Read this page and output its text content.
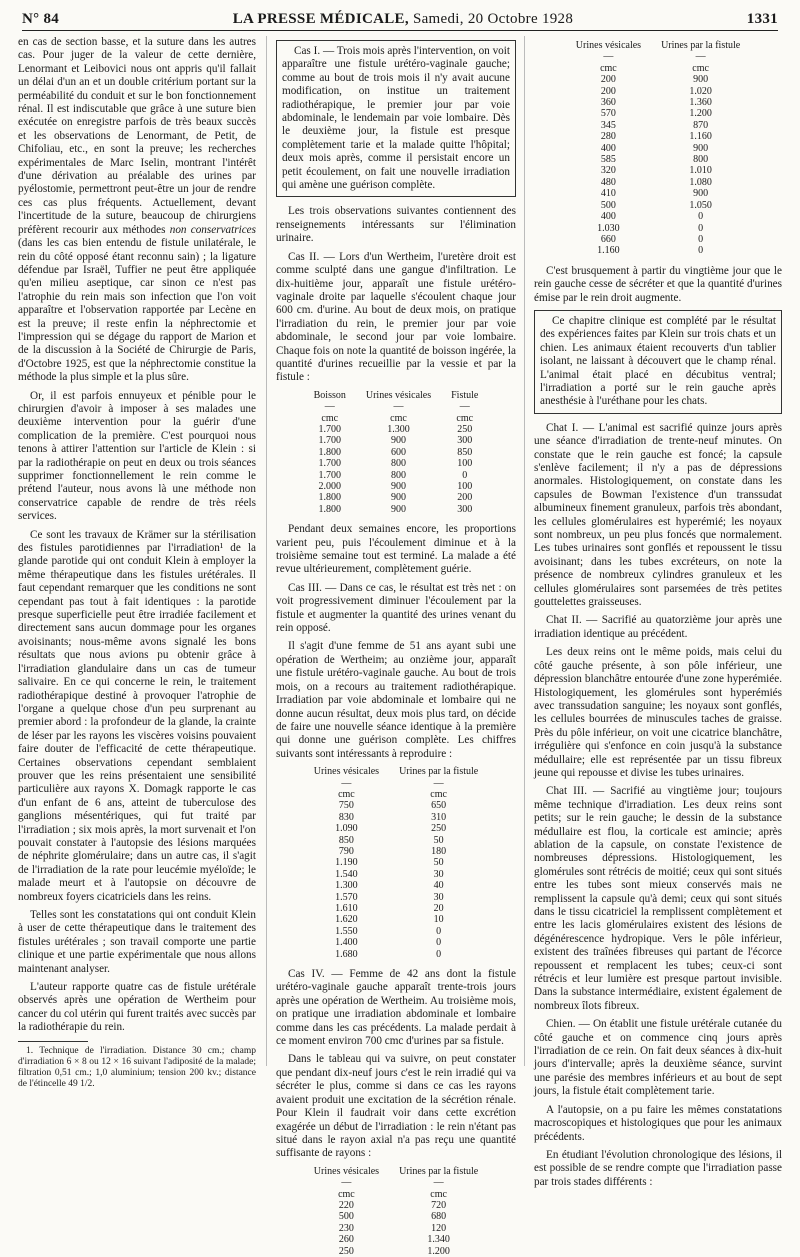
N° 84	LA PRESSE MÉDICALE, Samedi, 20 Octobre 1928	1331

en cas de section basse, et la suture dans les autres cas. Pour juger de la valeur de cette dernière, Lenormant et Leibovici nous ont appris qu'il fallait un délai d'un an et un double critérium portant sur la perméabilité du conduit et sur le bon fonctionnement rénal. Il est indiscutable que grâce à une suture bien exécutée on enregistre parfois de très beaux succès et les observations de Lenormant, de Petit, de Chifoliau, etc., en sont la preuve; les recherches expérimentales de Marc Iselin, montrant l'intérêt d'une dérivation au préalable des urines par pyélostomie, permettront peut-être un jour de rendre ces cas plus fréquents. Actuellement, devant l'incertitude de la suture, beaucoup de chirurgiens préfèrent recourir aux méthodes non conservatrices (dans les cas bien entendu de fistule unilatérale, le rein du côté opposé étant reconnu sain) ; la ligature défendue par Israël, Tuffier ne peut être appliquée qu'en milieu aseptique, car sinon ce n'est pas l'atrophie du rein mais son infection que l'on voit apparaître et l'observation rapportée par Lecène en est la preuve; il reste enfin la néphrectomie et l'impression qui se dégage du rapport de Marion et de la discussion à la Société de Chirurgie de Paris, d'Octobre 1925, est que la néphrectomie constitue la méthode la plus simple et la plus sûre.

Or, il est parfois ennuyeux et pénible pour le chirurgien d'avoir à imposer à ses malades une deuxième intervention pour la guérir d'une complication de la première. C'est pourquoi nous tenons à attirer l'attention sur l'article de Klein : si par la radiothérapie on peut en deux ou trois séances supprimer fonctionnellement le rein comme le prétend l'auteur, nous avons là une méthode non conservatrice capable de rendre de très réels services.

Ce sont les travaux de Krämer sur la stérilisation des fistules parotidiennes par l'irradiation¹ de la glande parotide qui ont conduit Klein à employer la même thérapeutique dans les fistules urétérales. Il faut cependant remarquer que les conditions ne sont cependant pas tout à fait identiques : la parotide presque superficielle peut être irradiée facilement et directement sans aucun dommage pour les organes avoisinants; nous-même avons signalé les bons résultats que nous avions pu obtenir grâce à l'irradiation glandulaire dans un cas de tumeur salivaire. En ce qui concerne le rein, le traitement radiothérapique destiné à provoquer l'atrophie de l'organe a quelque chose d'un peu surprenant au premier abord : la profondeur de la glande, la crainte de léser par les rayons les viscères voisins pouvaient faire douter de l'efficacité de cette thérapeutique. Certaines observations cependant semblaient prouver que les reins présentaient une sensibilité particulière aux rayons X. Domagk rapporte le cas d'un enfant de 6 ans, atteint de tuberculose des ganglions mésentériques, qui fut traité par l'irradiation ; six mois après, la mort survenait et l'on pouvait constater à l'autopsie des lésions marquées de néphrite glomérulaire; dans un autre cas, il s'agit de l'irradiation de la rate pour leucémie myéloïde; le malade meurt et à l'autopsie on découvre de nombreux foyers cicatriciels dans les reins.

Telles sont les constatations qui ont conduit Klein à user de cette thérapeutique dans le traitement des fistules urétérales ; son travail comporte une partie clinique et une partie expérimentale que nous allons maintenant analyser.

L'auteur rapporte quatre cas de fistule urétérale observés après une opération de Wertheim pour cancer du col utérin qui furent traités avec succès par la radiothérapie du rein.

1. Technique de l'irradiation. Distance 30 cm.; champ d'irradiation 6 × 8 ou 12 × 16 suivant l'adiposité de la malade; filtration 0,51 cm.; 1,0 aluminium; tension 200 kv.; distance de l'étincelle 49 1/2.

Cas I. — Trois mois après l'intervention, on voit apparaître une fistule urétéro-vaginale gauche; comme au bout de trois mois il n'y avait aucune modification, on institue un traitement radiothérapique, le premier jour par voie abdominale, le lendemain par voie lombaire. Dès le deuxième jour, la fistule est presque complètement tarie et la malade quitte l'hôpital; deux mois après, comme il persistait encore un petit écoulement, on fait une nouvelle irradiation qui amène une guérison complète.

Les trois observations suivantes contiennent des renseignements intéressants sur l'élimination urinaire.

Cas II. — Lors d'un Wertheim, l'uretère droit est comme sculpté dans une gangue d'infiltration. Le dix-huitième jour, apparaît une fistule urétéro-vaginale droite par laquelle s'écoulent chaque jour 600 cm. d'urine. Au bout de deux mois, on pratique l'irradiation du rein, le premier jour par voie abdominale, le second jour par voie lombaire. Chaque fois on note la quantité de boisson ingérée, la quantité d'urines recueillie par la vessie et par la fistule :

Boisson	Urines vésicales	Fistule
—	—	—
cmc	cmc	cmc
1.700	1.300	250
1.700	900	300
1.800	600	850
1.700	800	100
1.700	800	0
2.000	900	100
1.800	900	200
1.800	900	300

Pendant deux semaines encore, les proportions varient peu, puis l'écoulement diminue et à la troisième semaine tout est terminé. La malade a été revue ultérieurement, complètement guérie.

Cas III. — Dans ce cas, le résultat est très net : on voit progressivement diminuer l'écoulement par la fistule et augmenter la quantité des urines venant du rein opposé.

Il s'agit d'une femme de 51 ans ayant subi une opération de Wertheim; au onzième jour, apparaît une fistule urétéro-vaginale gauche. Au bout de trois mois, on a recours au traitement radiothérapique. Irradiation par voie abdominale et lombaire qui ne donne aucun résultat, deux mois plus tard, on décide de faire une nouvelle séance identique à la première qui donne une guérison complète. Les chiffres suivants sont intéressants à reproduire :

Urines vésicales	Urines par la fistule
—	—
cmc	cmc
750	650
830	310
1.090	250
850	50
790	180
1.190	50
1.540	30
1.300	40
1.570	30
1.610	20
1.620	10
1.550	0
1.400	0
1.680	0

Cas IV. — Femme de 42 ans dont la fistule urétéro-vaginale gauche apparaît trente-trois jours après une opération de Wertheim. Au troisième mois, on pratique une irradiation abdominale et lombaire comme dans les cas précédents. La malade perdait à ce moment environ 700 cmc d'urines par sa fistule.

Dans le tableau qui va suivre, on peut constater que pendant dix-neuf jours c'est le rein irradié qui va sécréter le plus, comme si dans ce cas les rayons avaient produit une excitation de la sécrétion rénale. Pour Klein il faudrait voir dans cette excrétion exagérée un début de l'irradiation : le rein n'étant pas situé dans le rayon axial n'a pas reçu une quantité suffisante de rayons :

Urines vésicales	Urines par la fistule
—	—
cmc	cmc
220	720
500	680
230	120
260	1.340
250	1.200
Urines vésicales	Urines par la fistule
—	—
cmc	cmc
200	900
200	1.020
360	1.360
570	1.200
345	870
280	1.160
400	900
585	800
320	1.010
480	1.080
410	900
500	1.050
400	0
1.030	0
660	0
1.160	0

C'est brusquement à partir du vingtième jour que le rein gauche cesse de sécréter et que la quantité d'urines émise par le rein droit augmente.

Ce chapitre clinique est complété par le résultat des expériences faites par Klein sur trois chats et un chien. Les animaux étaient recouverts d'un tablier isolant, ne laissant à découvert que le champ rénal. L'animal était placé en décubitus ventral; l'irradiation a porté sur le rein gauche après anesthésie à l'uréthane pour les chats.

Chat I. — L'animal est sacrifié quinze jours après une séance d'irradiation de trente-neuf minutes. On constate que le rein gauche est foncé; la capsule s'enlève facilement; il n'y a pas de dépressions anormales. Histologiquement, on constate dans les capsules de Bowman l'existence d'un transsudat albumineux finement granuleux, parfois très abondant, les cellules glomérulaires est hyperémié; les noyaux sont nombreux, un peu plus foncés que normalement. Les tubes urinaires sont gonflés et repoussent le tissu avoisinant; dans les tubes excréteurs, on note la présence de nombreux cylindres granuleux et les cellules glomérulaires sont parsemées de très petites gouttelettes graisseuses.

Chat II. — Sacrifié au quatorzième jour après une irradiation identique au précédent.

Les deux reins ont le même poids, mais celui du côté gauche présente, à son pôle inférieur, une dépression blanchâtre entourée d'une zone hyperémiée. Histologiquement, les glomérules sont hyperémiés avec transsudation sanguine; les noyaux sont gonflés, les cellules bourrées de minuscules taches de graisse. Près du pôle inférieur, on voit une cicatrice blanchâtre, irrégulière qui s'enfonce en coin jusqu'à la substance médullaire; elle est représentée par un tissu fibreux jeune qui repousse et divise les tubes urinaires.

Chat III. — Sacrifié au vingtième jour; toujours même technique d'irradiation. Les deux reins sont petits; sur le rein gauche; le dessin de la substance médullaire est flou, la corticale est amincie; après ablation de la capsule, on constate l'existence de nombreuses dépressions. Histologiquement, les glomérules sont rétrécis de moitié; ceux qui sont situés entre les tubes sont mieux conservés mais ne remplissent la capsule qu'à demi; ceux qui sont situés dans le tissu cicatriciel la remplissent complètement et entre les lacis glomérulaires existent des lésions de dégénérescence hydropique. Vers le pôle inférieur, existent des traînées fibreuses qui partant de l'écorce repoussent et remplacent les tubes; ceux-ci sont rétrécis et leur lumière est presque partout invisible. Dans la substance intermédiaire, existent également de nombreux îlots fibreux.

Chien. — On établit une fistule urétérale cutanée du côté gauche et on commence cinq jours après l'irradiation de ce rein. On fait deux séances à dix-huit jours d'intervalle; après la deuxième séance, survint une parésie des membres inférieurs et au bout de sept jours, la fistule était complètement tarie.

A l'autopsie, on a pu faire les mêmes constatations macroscopiques et histologiques que pour les animaux précédents.

En étudiant l'évolution chronologique des lésions, il est possible de se rendre compte que l'irradiation passe par trois stades différents :
